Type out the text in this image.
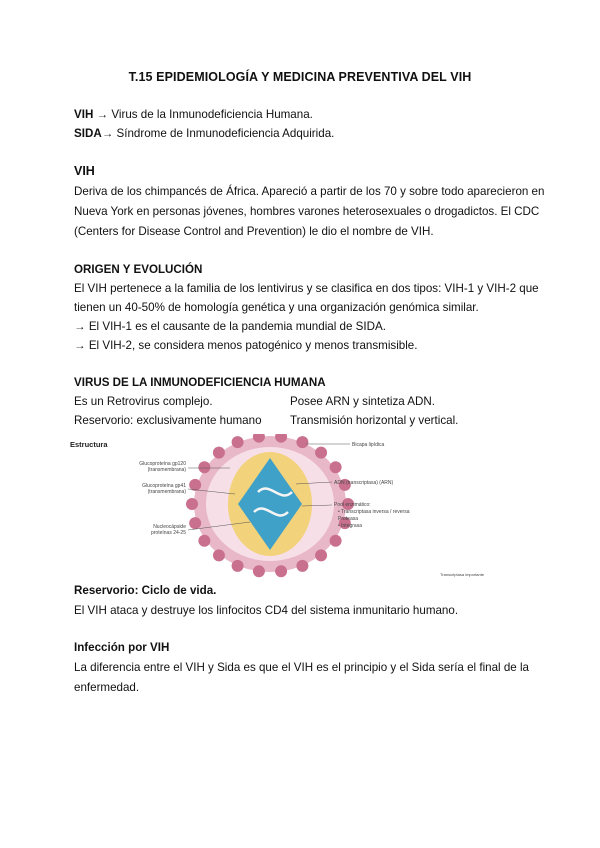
T.15 EPIDEMIOLOGÍA Y MEDICINA PREVENTIVA DEL VIH
VIH → Virus de la Inmunodeficiencia Humana.
SIDA→ Síndrome de Inmunodeficiencia Adquirida.
VIH
Deriva de los chimpancés de África. Apareció a partir de los 70 y sobre todo aparecieron en
Nueva York en personas jóvenes, hombres varones heterosexuales o drogadictos. El CDC
(Centers for Disease Control and Prevention) le dio el nombre de VIH.
ORIGEN Y EVOLUCIÓN
El VIH pertenece a la familia de los lentivirus y se clasifica en dos tipos: VIH-1 y VIH-2 que
tienen un 40-50% de homología genética y una organización genómica similar.
→ El VIH-1 es el causante de la pandemia mundial de SIDA.
→ El VIH-2, se considera menos patogénico y menos transmisible.
VIRUS DE LA INMUNODEFICIENCIA HUMANA
Es un Retrovirus complejo.	Posee ARN y sintetiza ADN.
Reservorio: exclusivamente humano Transmisión horizontal y vertical.
Estructura
Glucoproteína gp120
(transmembrana)
Glucoproteína gp41
(transmembrana)
Nucleocápside
proteínas 24-25
Bicapa lipídica
ADN (transcriptasa) (ARN)
Pool enzimático:
• Transcriptasa inversa / reversa
Proteasa
• Integrasa
Transcriptasa importante
Reservorio: Ciclo de vida.
El VIH ataca y destruye los linfocitos CD4 del sistema inmunitario humano.
Infección por VIH
La diferencia entre el VIH y Sida es que el VIH es el principio y el Sida sería el final de la
enfermedad.
